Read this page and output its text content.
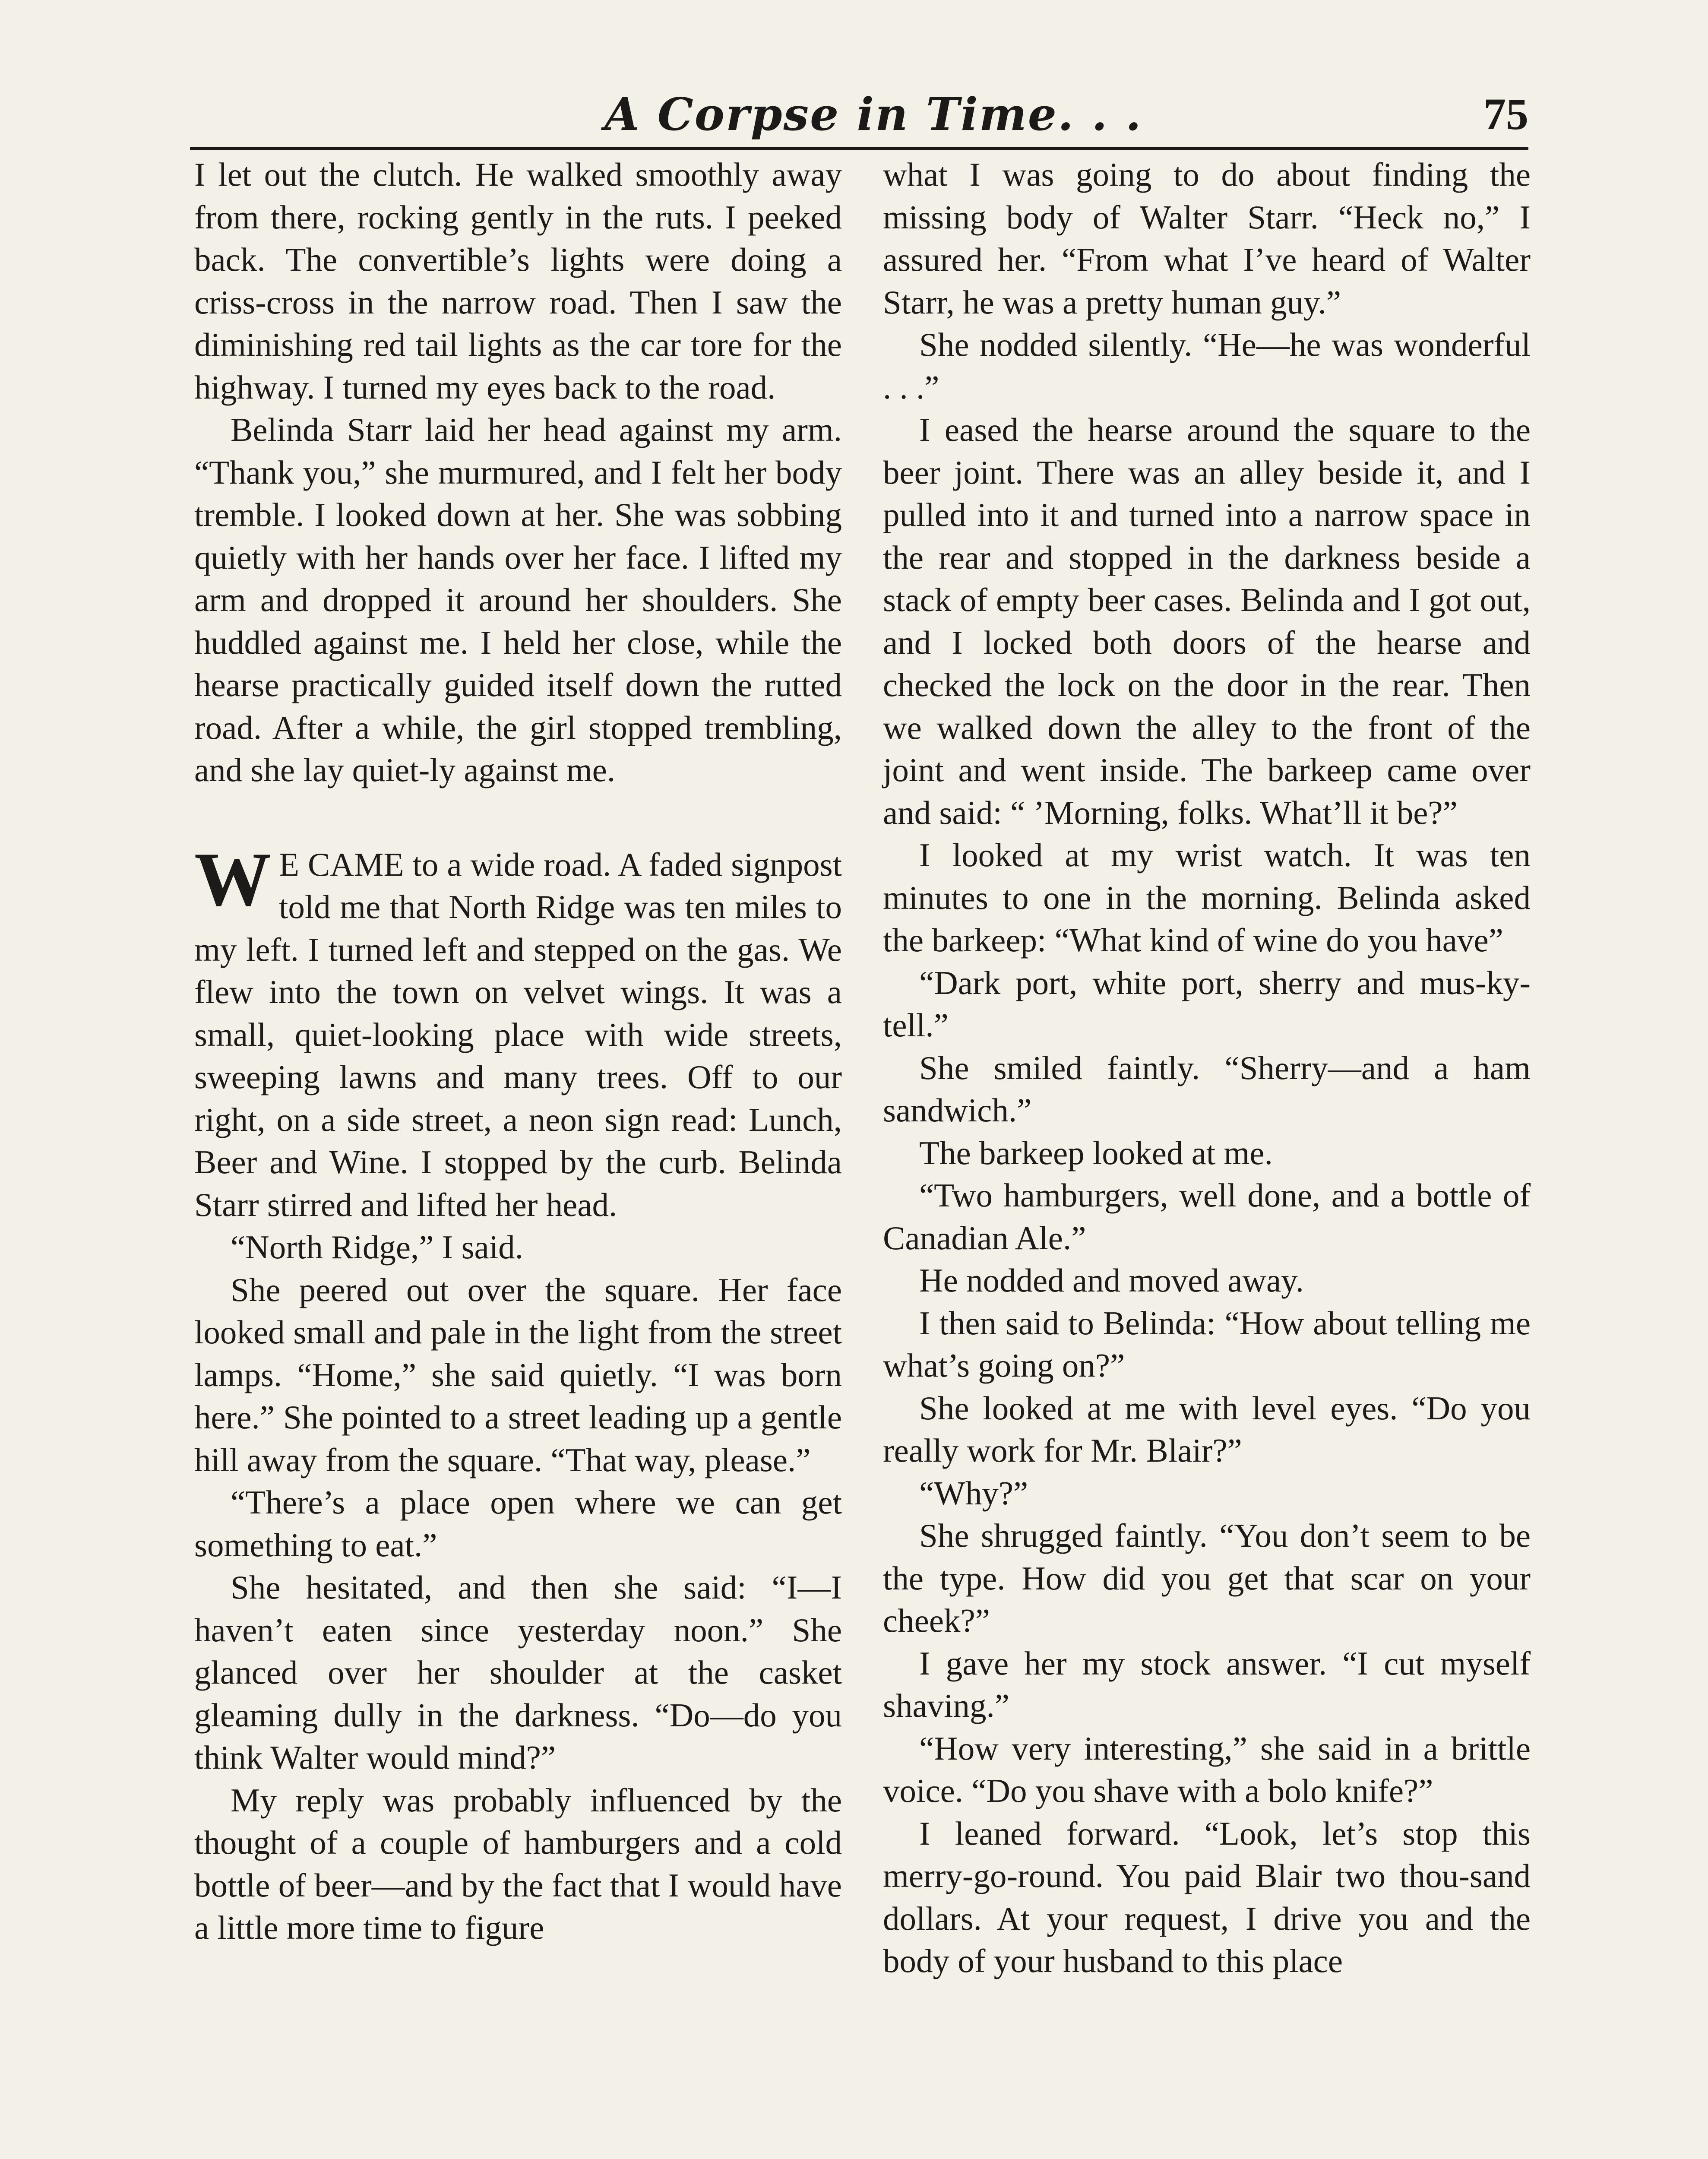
A Corpse in Time. . .	75

I let out the clutch. He walked smoothly away from there, rocking gently in the ruts. I peeked back. The convertible’s lights were doing a criss-cross in the narrow road. Then I saw the diminishing red tail lights as the car tore for the highway. I turned my eyes back to the road.

Belinda Starr laid her head against my arm. “Thank you,” she murmured, and I felt her body tremble. I looked down at her. She was sobbing quietly with her hands over her face. I lifted my arm and dropped it around her shoulders. She huddled against me. I held her close, while the hearse practically guided itself down the rutted road. After a while, the girl stopped trembling, and she lay quiet-ly against me.

W E CAME to a wide road. A faded signpost told me that North Ridge was ten miles to my left. I turned left and stepped on the gas. We flew into the town on velvet wings. It was a small, quiet-looking place with wide streets, sweeping lawns and many trees. Off to our right, on a side street, a neon sign read: Lunch, Beer and Wine. I stopped by the curb. Belinda Starr stirred and lifted her head.

“North Ridge,” I said.

She peered out over the square. Her face looked small and pale in the light from the street lamps. “Home,” she said quietly. “I was born here.” She pointed to a street leading up a gentle hill away from the square. “That way, please.”

“There’s a place open where we can get something to eat.”

She hesitated, and then she said: “I—I haven’t eaten since yesterday noon.” She glanced over her shoulder at the casket gleaming dully in the darkness. “Do—do you think Walter would mind?”

My reply was probably influenced by the thought of a couple of hamburgers and a cold bottle of beer—and by the fact that I would have a little more time to figure

what I was going to do about finding the missing body of Walter Starr. “Heck no,” I assured her. “From what I’ve heard of Walter Starr, he was a pretty human guy.”

She nodded silently. “He—he was wonderful . . .”

I eased the hearse around the square to the beer joint. There was an alley beside it, and I pulled into it and turned into a narrow space in the rear and stopped in the darkness beside a stack of empty beer cases. Belinda and I got out, and I locked both doors of the hearse and checked the lock on the door in the rear. Then we walked down the alley to the front of the joint and went inside. The barkeep came over and said: “ ’Morning, folks. What’ll it be?”

I looked at my wrist watch. It was ten minutes to one in the morning. Belinda asked the barkeep: “What kind of wine do you have”

“Dark port, white port, sherry and mus-ky-tell.”

She smiled faintly. “Sherry—and a ham sandwich.”

The barkeep looked at me.

“Two hamburgers, well done, and a bottle of Canadian Ale.”

He nodded and moved away.

I then said to Belinda: “How about telling me what’s going on?”

She looked at me with level eyes. “Do you really work for Mr. Blair?”

“Why?”

She shrugged faintly. “You don’t seem to be the type. How did you get that scar on your cheek?”

I gave her my stock answer. “I cut myself shaving.”

“How very interesting,” she said in a brittle voice. “Do you shave with a bolo knife?”

I leaned forward. “Look, let’s stop this merry-go-round. You paid Blair two thou-sand dollars. At your request, I drive you and the body of your husband to this place
